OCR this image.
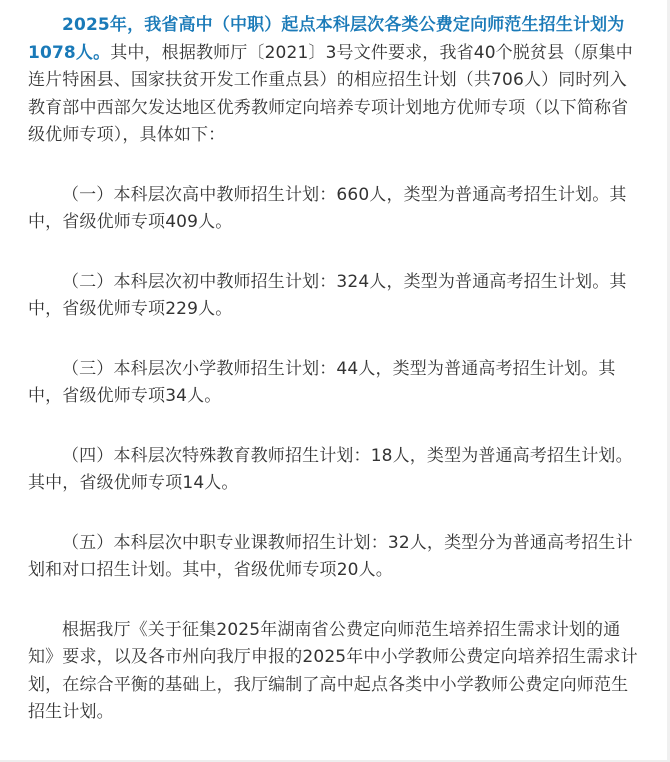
2025年，我省高中（中职）起点本科层次各类公费定向师范生招生计划为1078人。其中，根据教师厅〔2021〕3号文件要求，我省40个脱贫县（原集中连片特困县、国家扶贫开发工作重点县）的相应招生计划（共706人）同时列入教育部中西部欠发达地区优秀教师定向培养专项计划地方优师专项（以下简称省级优师专项），具体如下：

（一）本科层次高中教师招生计划：660人，类型为普通高考招生计划。其中，省级优师专项409人。

（二）本科层次初中教师招生计划：324人，类型为普通高考招生计划。其中，省级优师专项229人。

（三）本科层次小学教师招生计划：44人，类型为普通高考招生计划。其中，省级优师专项34人。

（四）本科层次特殊教育教师招生计划：18人，类型为普通高考招生计划。其中，省级优师专项14人。

（五）本科层次中职专业课教师招生计划：32人，类型分为普通高考招生计划和对口招生计划。其中，省级优师专项20人。

根据我厅《关于征集2025年湖南省公费定向师范生培养招生需求计划的通知》要求，以及各市州向我厅申报的2025年中小学教师公费定向培养招生需求计划，在综合平衡的基础上，我厅编制了高中起点各类中小学教师公费定向师范生招生计划。
